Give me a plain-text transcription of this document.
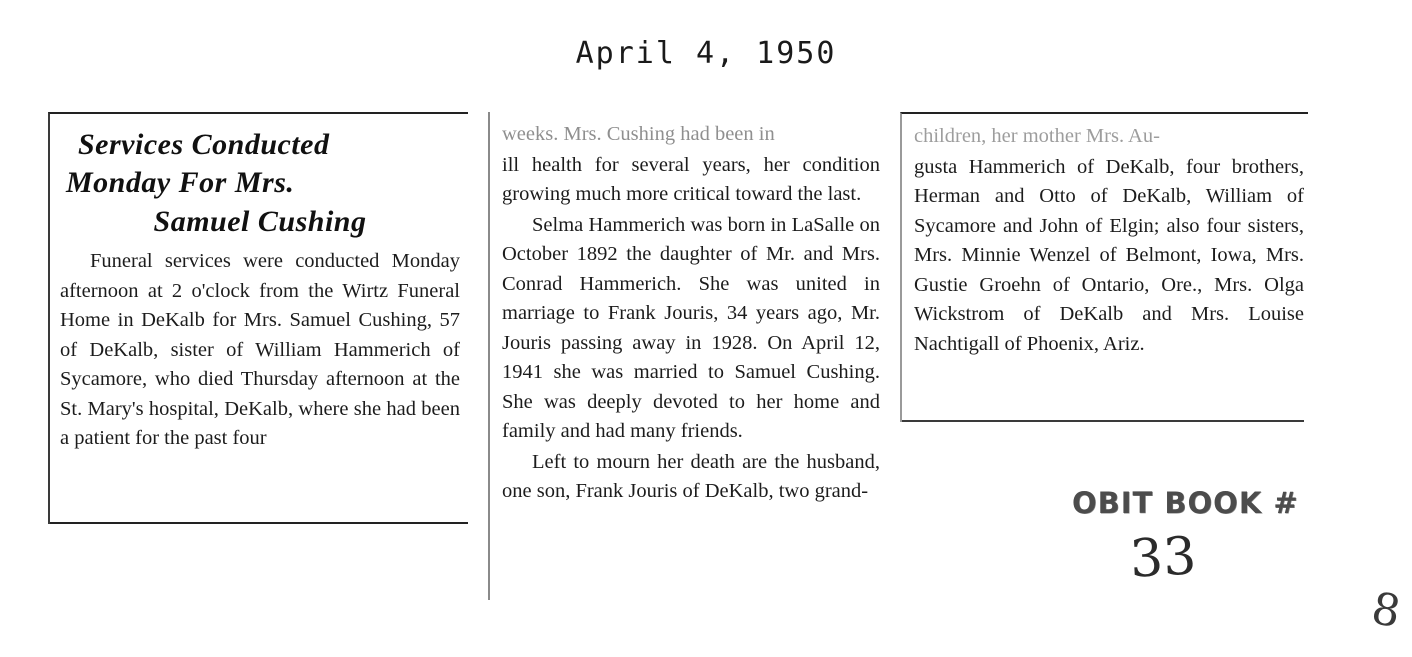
April 4, 1950
Services Conducted
Monday For Mrs.
Samuel Cushing

Funeral services were conducted Monday afternoon at 2 o'clock from the Wirtz Funeral Home in DeKalb for Mrs. Samuel Cushing, 57 of DeKalb, sister of William Hammerich of Sycamore, who died Thursday afternoon at the St. Mary's hospital, DeKalb, where she had been a patient for the past four

weeks. Mrs. Cushing had been in

ill health for several years, her condition growing much more critical toward the last.

Selma Hammerich was born in LaSalle on October 1892 the daughter of Mr. and Mrs. Conrad Hammerich. She was united in marriage to Frank Jouris, 34 years ago, Mr. Jouris passing away in 1928. On April 12, 1941 she was married to Samuel Cushing. She was deeply devoted to her home and family and had many friends.

Left to mourn her death are the husband, one son, Frank Jouris of DeKalb, two grand-

children, her mother Mrs. Au-

gusta Hammerich of DeKalb, four brothers, Herman and Otto of DeKalb, William of Sycamore and John of Elgin; also four sisters, Mrs. Minnie Wenzel of Belmont, Iowa, Mrs. Gustie Groehn of Ontario, Ore., Mrs. Olga Wickstrom of DeKalb and Mrs. Louise Nachtigall of Phoenix, Ariz.

OBIT BOOK #
33
8
